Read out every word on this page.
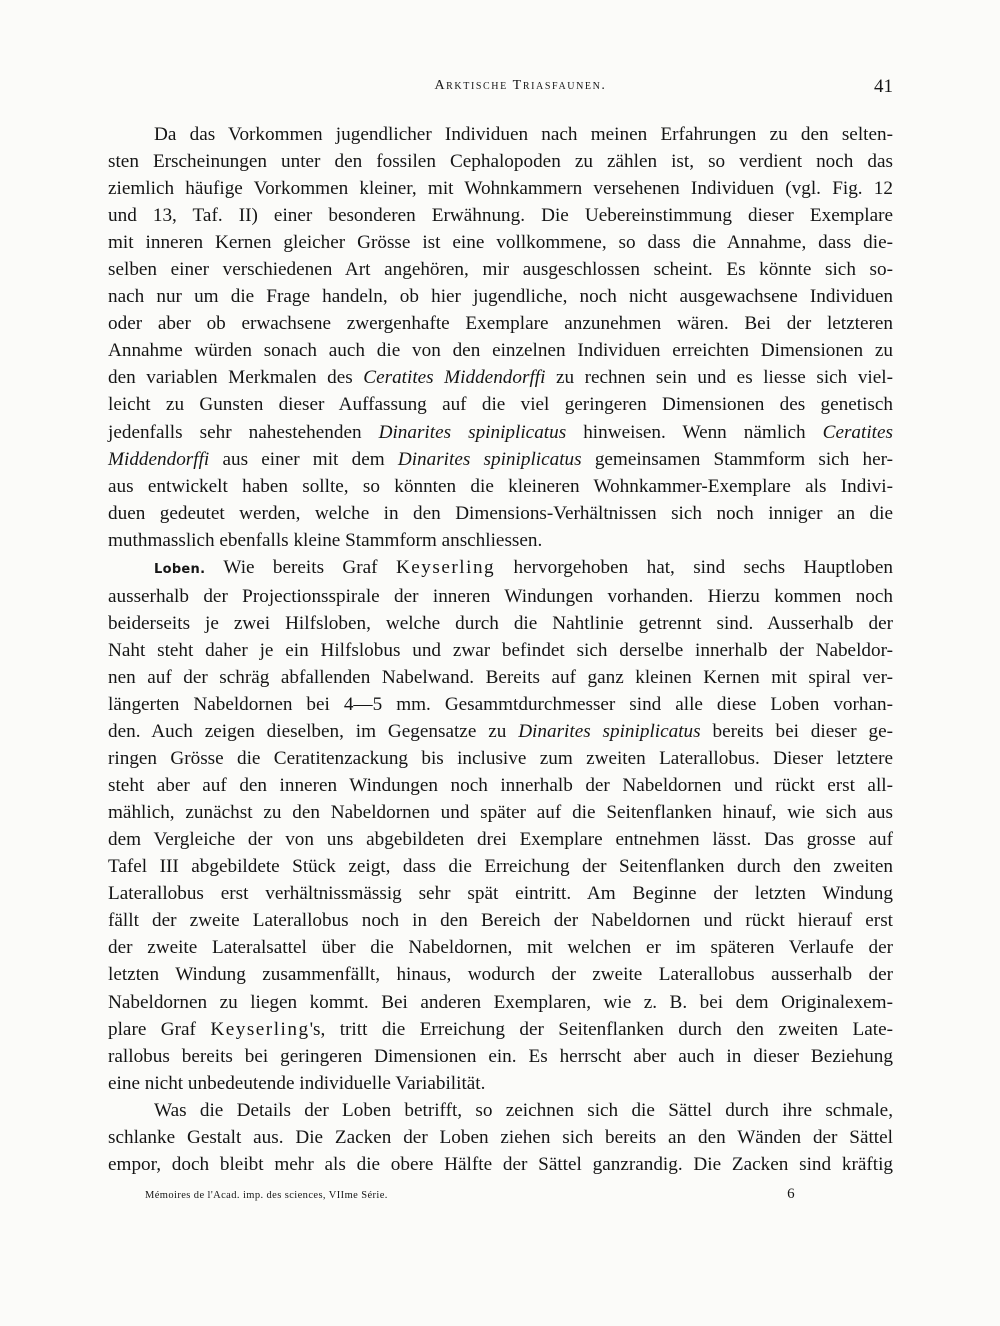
Arktische Triasfaunen.	41

Da das Vorkommen jugendlicher Individuen nach meinen Erfahrungen zu den selten-
sten Erscheinungen unter den fossilen Cephalopoden zu zählen ist, so verdient noch das
ziemlich häufige Vorkommen kleiner, mit Wohnkammern versehenen Individuen (vgl. Fig. 12
und 13, Taf. II) einer besonderen Erwähnung. Die Uebereinstimmung dieser Exemplare
mit inneren Kernen gleicher Grösse ist eine vollkommene, so dass die Annahme, dass die-
selben einer verschiedenen Art angehören, mir ausgeschlossen scheint. Es könnte sich so-
nach nur um die Frage handeln, ob hier jugendliche, noch nicht ausgewachsene Individuen
oder aber ob erwachsene zwergenhafte Exemplare anzunehmen wären. Bei der letzteren
Annahme würden sonach auch die von den einzelnen Individuen erreichten Dimensionen zu
den variablen Merkmalen des Ceratites Middendorffi zu rechnen sein und es liesse sich viel-
leicht zu Gunsten dieser Auffassung auf die viel geringeren Dimensionen des genetisch
jedenfalls sehr nahestehenden Dinarites spiniplicatus hinweisen. Wenn nämlich Ceratites
Middendorffi aus einer mit dem Dinarites spiniplicatus gemeinsamen Stammform sich her-
aus entwickelt haben sollte, so könnten die kleineren Wohnkammer-Exemplare als Indivi-
duen gedeutet werden, welche in den Dimensions-Verhältnissen sich noch inniger an die
muthmasslich ebenfalls kleine Stammform anschliessen.

Loben. Wie bereits Graf Keyserling hervorgehoben hat, sind sechs Hauptloben
ausserhalb der Projectionsspirale der inneren Windungen vorhanden. Hierzu kommen noch
beiderseits je zwei Hilfsloben, welche durch die Nahtlinie getrennt sind. Ausserhalb der
Naht steht daher je ein Hilfslobus und zwar befindet sich derselbe innerhalb der Nabeldor-
nen auf der schräg abfallenden Nabelwand. Bereits auf ganz kleinen Kernen mit spiral ver-
längerten Nabeldornen bei 4—5 mm. Gesammtdurchmesser sind alle diese Loben vorhan-
den. Auch zeigen dieselben, im Gegensatze zu Dinarites spiniplicatus bereits bei dieser ge-
ringen Grösse die Ceratitenzackung bis inclusive zum zweiten Laterallobus. Dieser letztere
steht aber auf den inneren Windungen noch innerhalb der Nabeldornen und rückt erst all-
mählich, zunächst zu den Nabeldornen und später auf die Seitenflanken hinauf, wie sich aus
dem Vergleiche der von uns abgebildeten drei Exemplare entnehmen lässt. Das grosse auf
Tafel III abgebildete Stück zeigt, dass die Erreichung der Seitenflanken durch den zweiten
Laterallobus erst verhältnissmässig sehr spät eintritt. Am Beginne der letzten Windung
fällt der zweite Laterallobus noch in den Bereich der Nabeldornen und rückt hierauf erst
der zweite Lateralsattel über die Nabeldornen, mit welchen er im späteren Verlaufe der
letzten Windung zusammenfällt, hinaus, wodurch der zweite Laterallobus ausserhalb der
Nabeldornen zu liegen kommt. Bei anderen Exemplaren, wie z. B. bei dem Originalexem-
plare Graf Keyserling's, tritt die Erreichung der Seitenflanken durch den zweiten Late-
rallobus bereits bei geringeren Dimensionen ein. Es herrscht aber auch in dieser Beziehung
eine nicht unbedeutende individuelle Variabilität.

Was die Details der Loben betrifft, so zeichnen sich die Sättel durch ihre schmale,
schlanke Gestalt aus. Die Zacken der Loben ziehen sich bereits an den Wänden der Sättel
empor, doch bleibt mehr als die obere Hälfte der Sättel ganzrandig. Die Zacken sind kräftig

Mémoires de l'Acad. imp. des sciences, VIIme Série.	6
